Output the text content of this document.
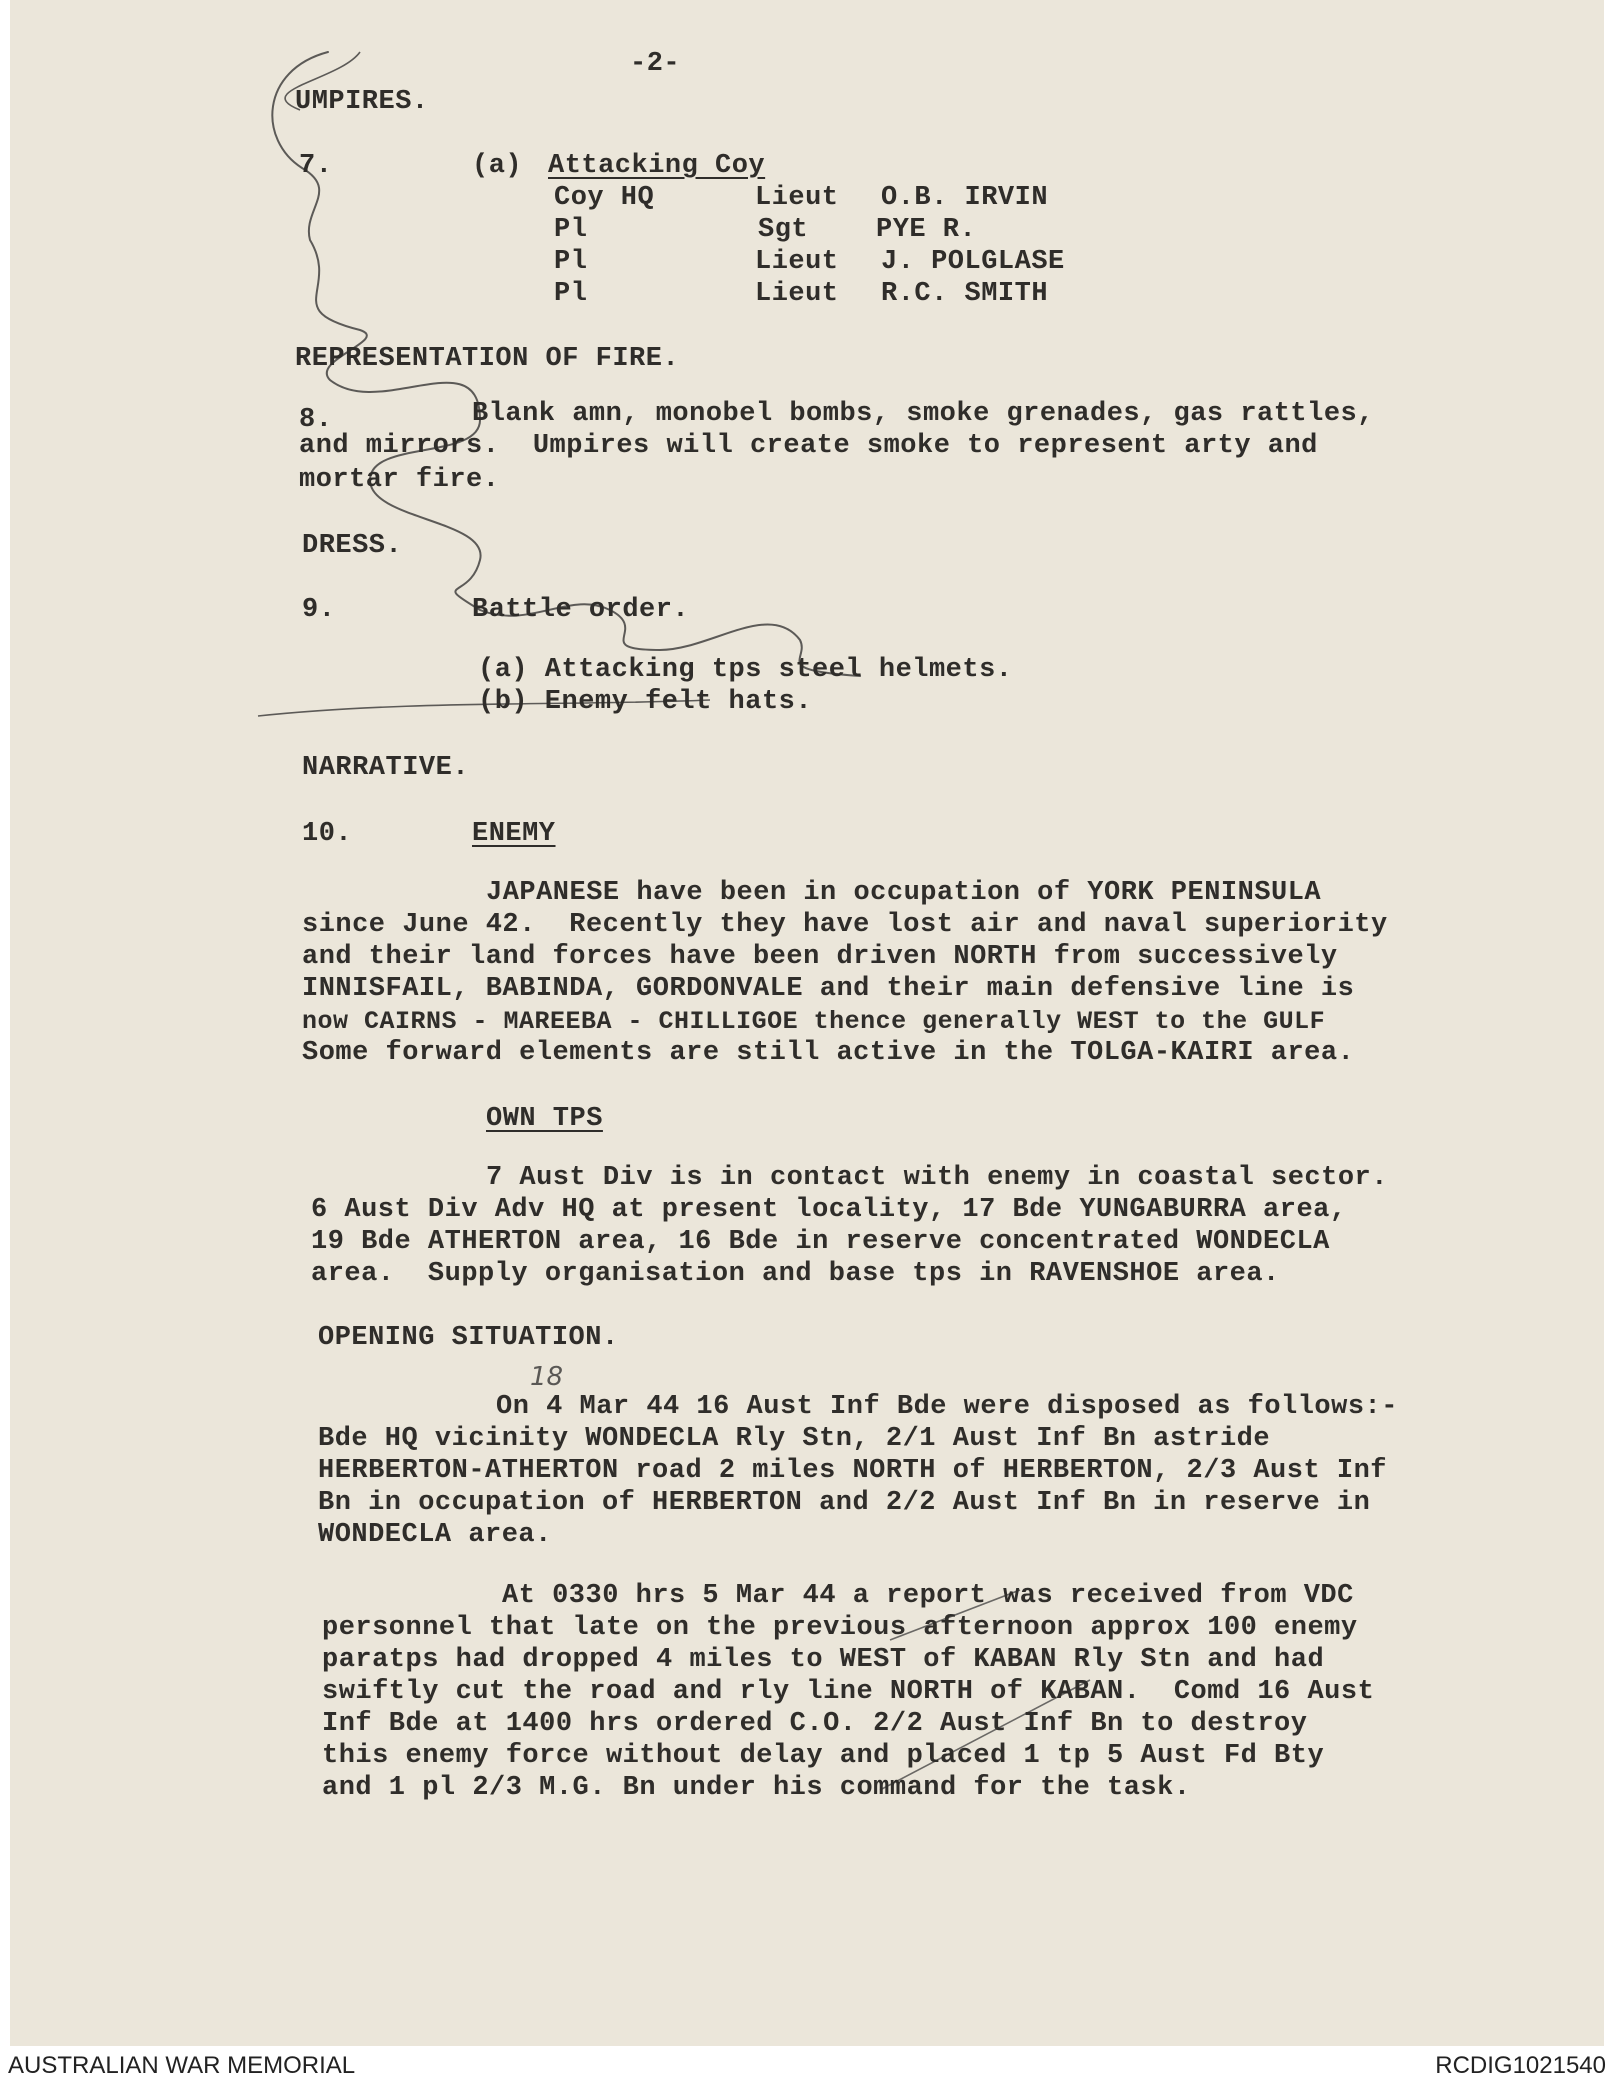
-2-
UMPIRES.
7.	(a) Attacking Coy
Coy HQ	Lieut O.B. IRVIN
Pl	Sgt	PYE R.
Pl	Lieut J. POLGLASE
Pl	Lieut R.C. SMITH
REPRESENTATION OF FIRE.
8.	Blank amn, monobel bombs, smoke grenades, gas rattles,
and mirrors.  Umpires will create smoke to represent arty and
mortar fire.
DRESS.
9.	Battle order.
(a) Attacking tps steel helmets.
(b) Enemy felt hats.
NARRATIVE.
10.	ENEMY
JAPANESE have been in occupation of YORK PENINSULA
since June 42.  Recently they have lost air and naval superiority
and their land forces have been driven NORTH from successively
INNISFAIL, BABINDA, GORDONVALE and their main defensive line is
now CAIRNS - MAREEBA - CHILLIGOE thence generally WEST to the GULF
Some forward elements are still active in the TOLGA-KAIRI area.
OWN TPS
7 Aust Div is in contact with enemy in coastal sector.
6 Aust Div Adv HQ at present locality, 17 Bde YUNGABURRA area,
19 Bde ATHERTON area, 16 Bde in reserve concentrated WONDECLA
area.  Supply organisation and base tps in RAVENSHOE area.
OPENING SITUATION.
18
On 4 Mar 44 16 Aust Inf Bde were disposed as follows:-
Bde HQ vicinity WONDECLA Rly Stn, 2/1 Aust Inf Bn astride
HERBERTON-ATHERTON road 2 miles NORTH of HERBERTON, 2/3 Aust Inf
Bn in occupation of HERBERTON and 2/2 Aust Inf Bn in reserve in
WONDECLA area.
At 0330 hrs 5 Mar 44 a report was received from VDC
personnel that late on the previous afternoon approx 100 enemy
paratps had dropped 4 miles to WEST of KABAN Rly Stn and had
swiftly cut the road and rly line NORTH of KABAN.  Comd 16 Aust
Inf Bde at 1400 hrs ordered C.O. 2/2 Aust Inf Bn to destroy
this enemy force without delay and placed 1 tp 5 Aust Fd Bty
and 1 pl 2/3 M.G. Bn under his command for the task.
AUSTRALIAN WAR MEMORIAL	RCDIG1021540
